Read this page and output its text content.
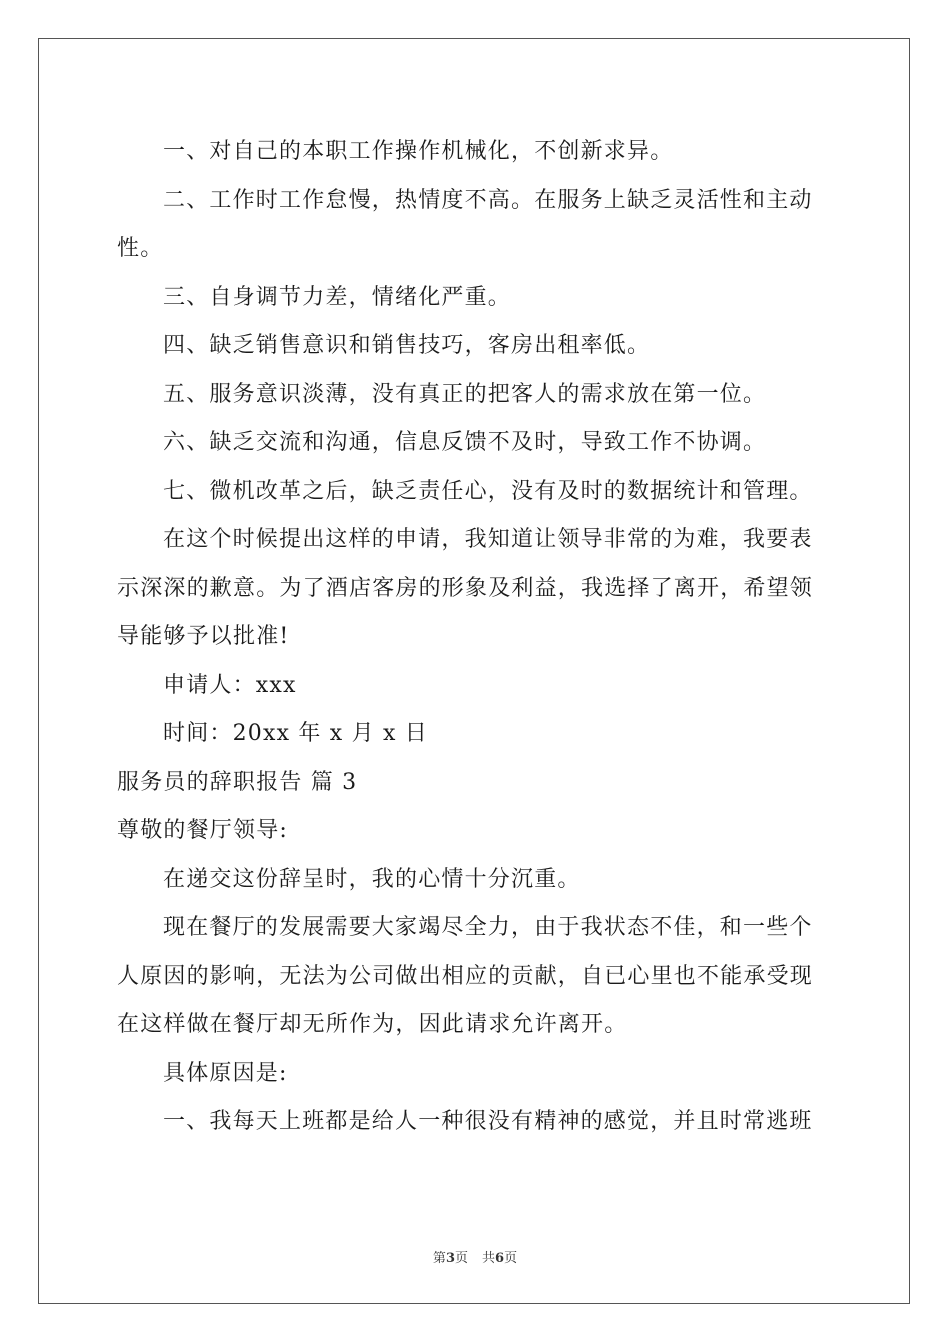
一、对自己的本职工作操作机械化，不创新求异。

二、工作时工作怠慢，热情度不高。在服务上缺乏灵活性和主动

性。

三、自身调节力差，情绪化严重。

四、缺乏销售意识和销售技巧，客房出租率低。

五、服务意识淡薄，没有真正的把客人的需求放在第一位。

六、缺乏交流和沟通，信息反馈不及时，导致工作不协调。

七、微机改革之后，缺乏责任心，没有及时的数据统计和管理。

在这个时候提出这样的申请，我知道让领导非常的为难，我要表

示深深的歉意。为了酒店客房的形象及利益，我选择了离开，希望领

导能够予以批准!

申请人：xxx

时间：20xx 年 x 月 x 日

服务员的辞职报告 篇 3

尊敬的餐厅领导:

在递交这份辞呈时，我的心情十分沉重。

现在餐厅的发展需要大家竭尽全力，由于我状态不佳，和一些个

人原因的影响，无法为公司做出相应的贡献，自已心里也不能承受现

在这样做在餐厅却无所作为，因此请求允许离开。

具体原因是:

一、我每天上班都是给人一种很没有精神的感觉，并且时常逃班

第3页 共6页
